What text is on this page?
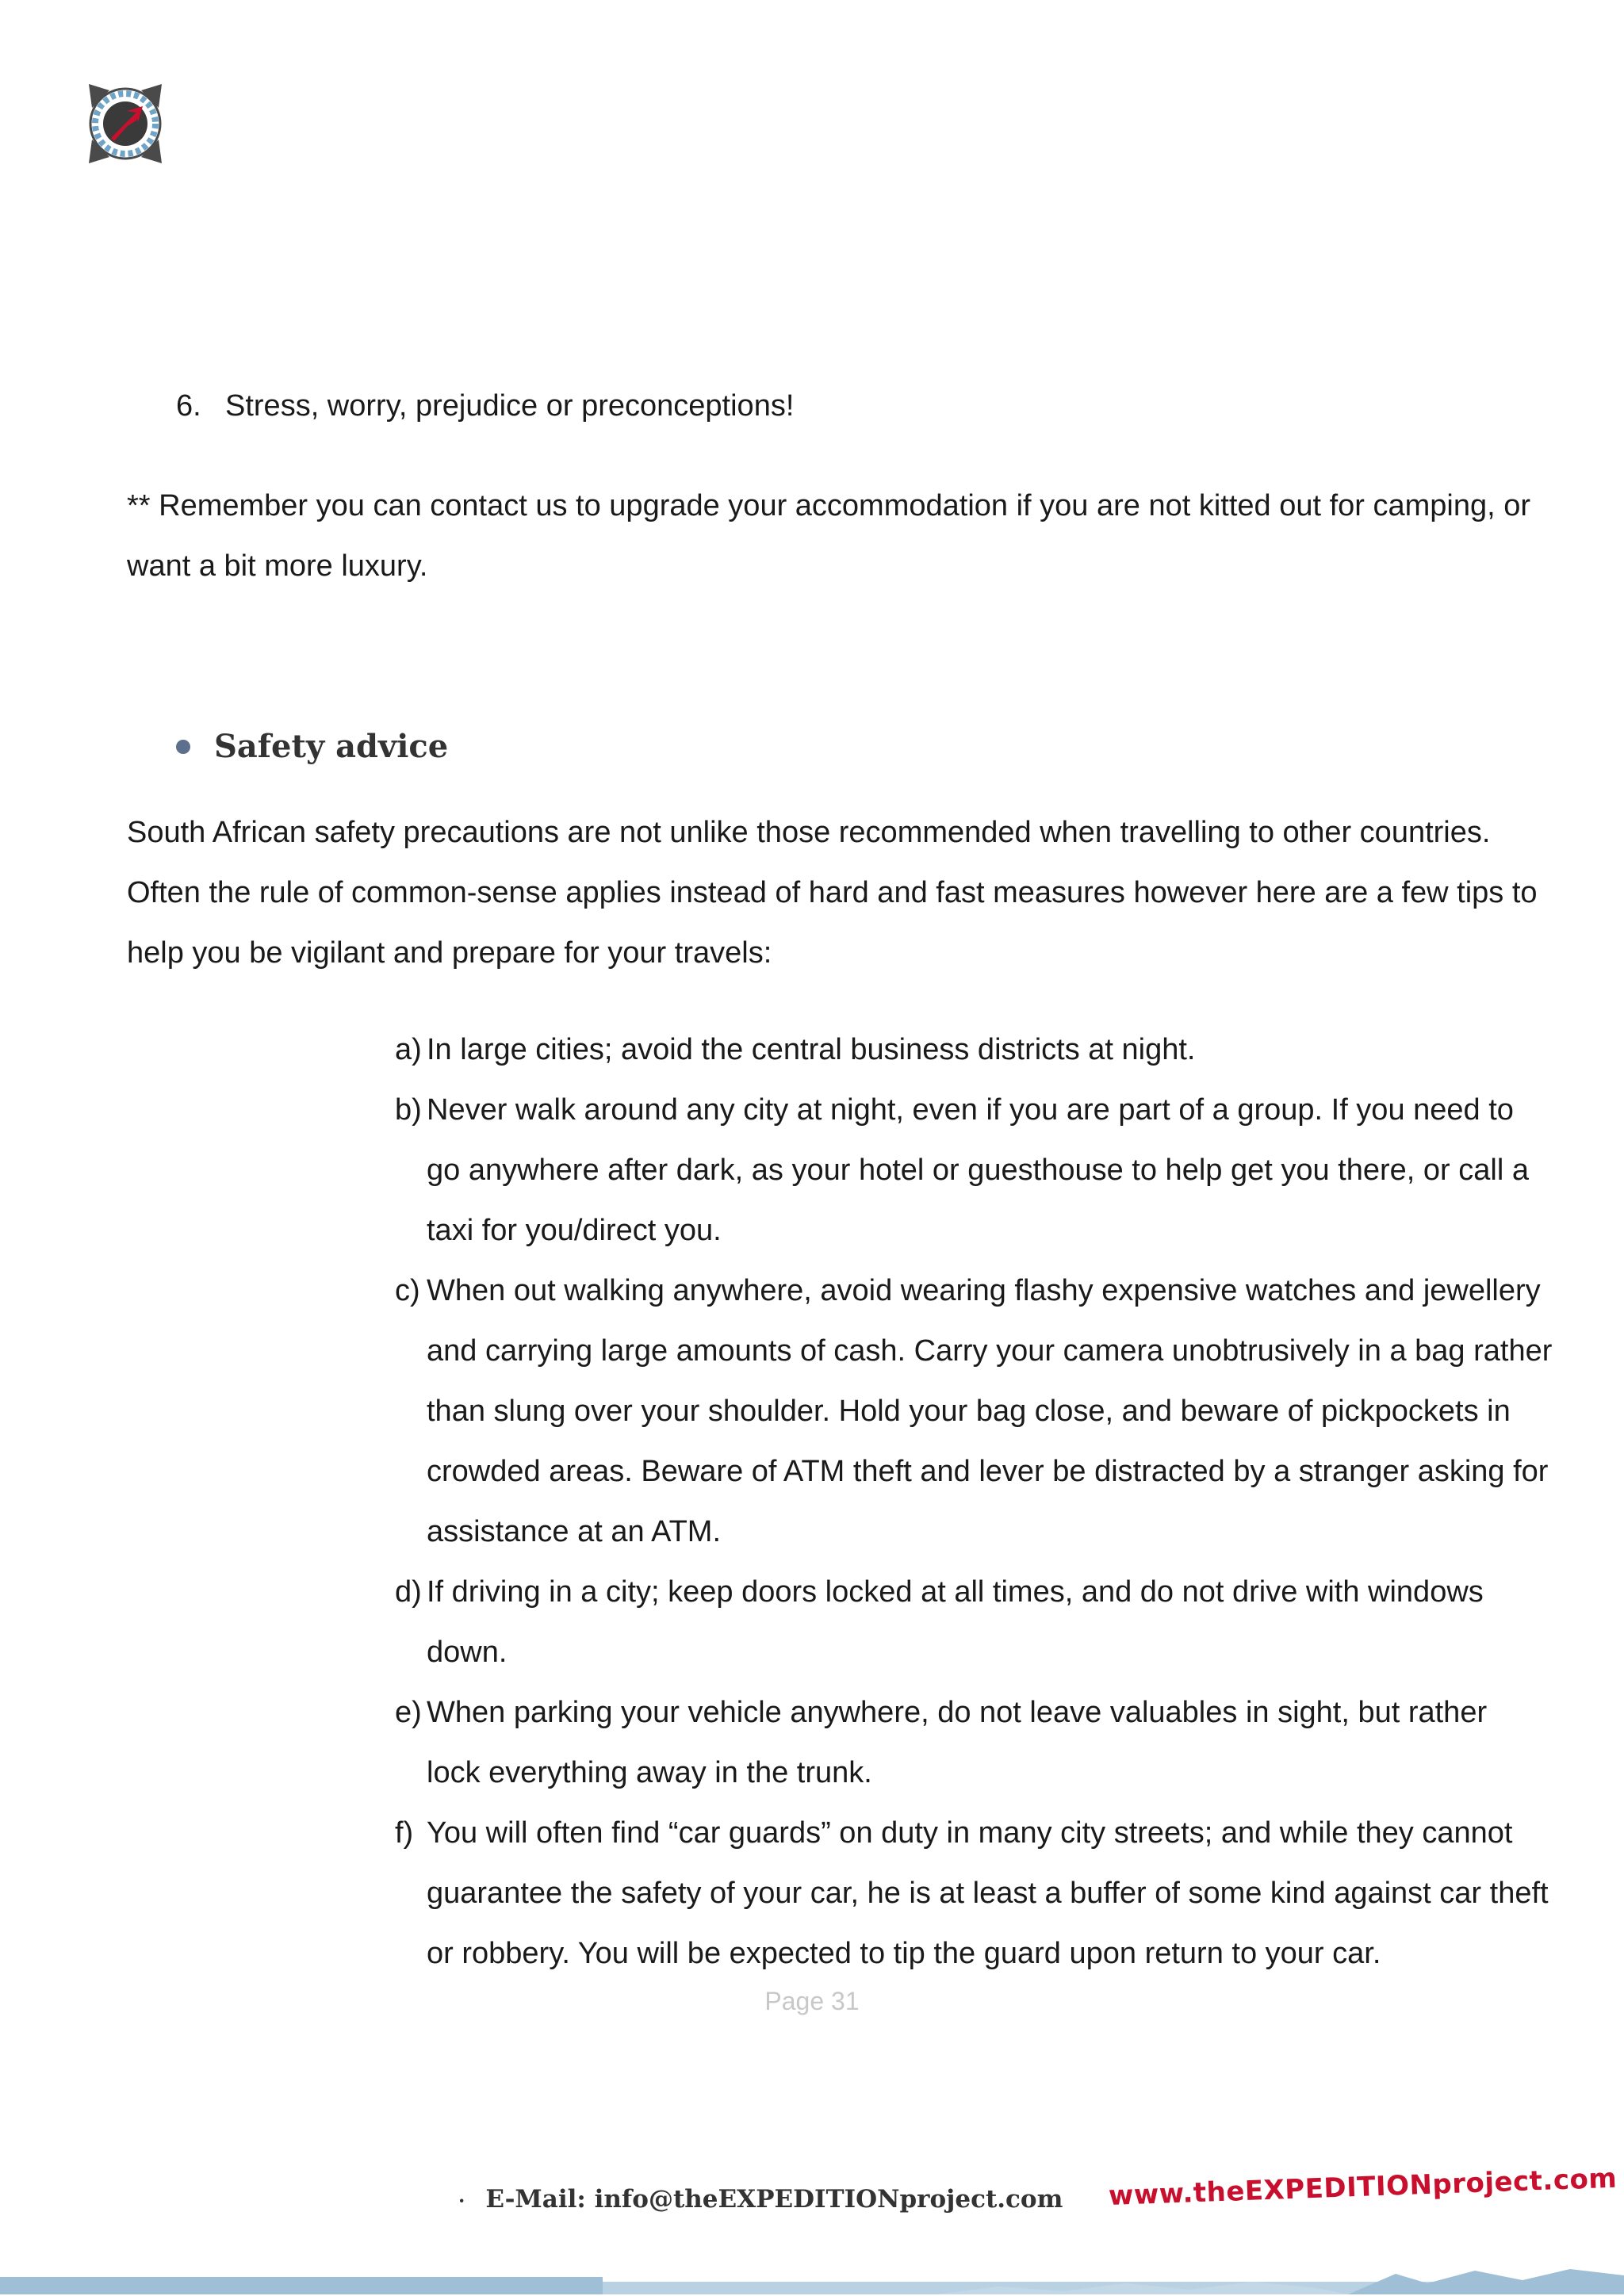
6. Stress, worry, prejudice or preconceptions!
** Remember you can contact us to upgrade your accommodation if you are not kitted out for camping, or want a bit more luxury.
Safety advice
South African safety precautions are not unlike those recommended when travelling to other countries. Often the rule of common-sense applies instead of hard and fast measures however here are a few tips to help you be vigilant and prepare for your travels:
a) In large cities; avoid the central business districts at night.
b) Never walk around any city at night, even if you are part of a group. If you need to
go anywhere after dark, as your hotel or guesthouse to help get you there, or call a
taxi for you/direct you.
c) When out walking anywhere, avoid wearing flashy expensive watches and jewellery
and carrying large amounts of cash. Carry your camera unobtrusively in a bag rather
than slung over your shoulder. Hold your bag close, and beware of pickpockets in
crowded areas. Beware of ATM theft and lever be distracted by a stranger asking for
assistance at an ATM.
d) If driving in a city; keep doors locked at all times, and do not drive with windows
down.
e) When parking your vehicle anywhere, do not leave valuables in sight, but rather
lock everything away in the trunk.
f) You will often find “car guards” on duty in many city streets; and while they cannot
guarantee the safety of your car, he is at least a buffer of some kind against car theft
or robbery. You will be expected to tip the guard upon return to your car.
Page 31
· E-Mail: info@theEXPEDITIONproject.com www.theEXPEDITIONproject.com
